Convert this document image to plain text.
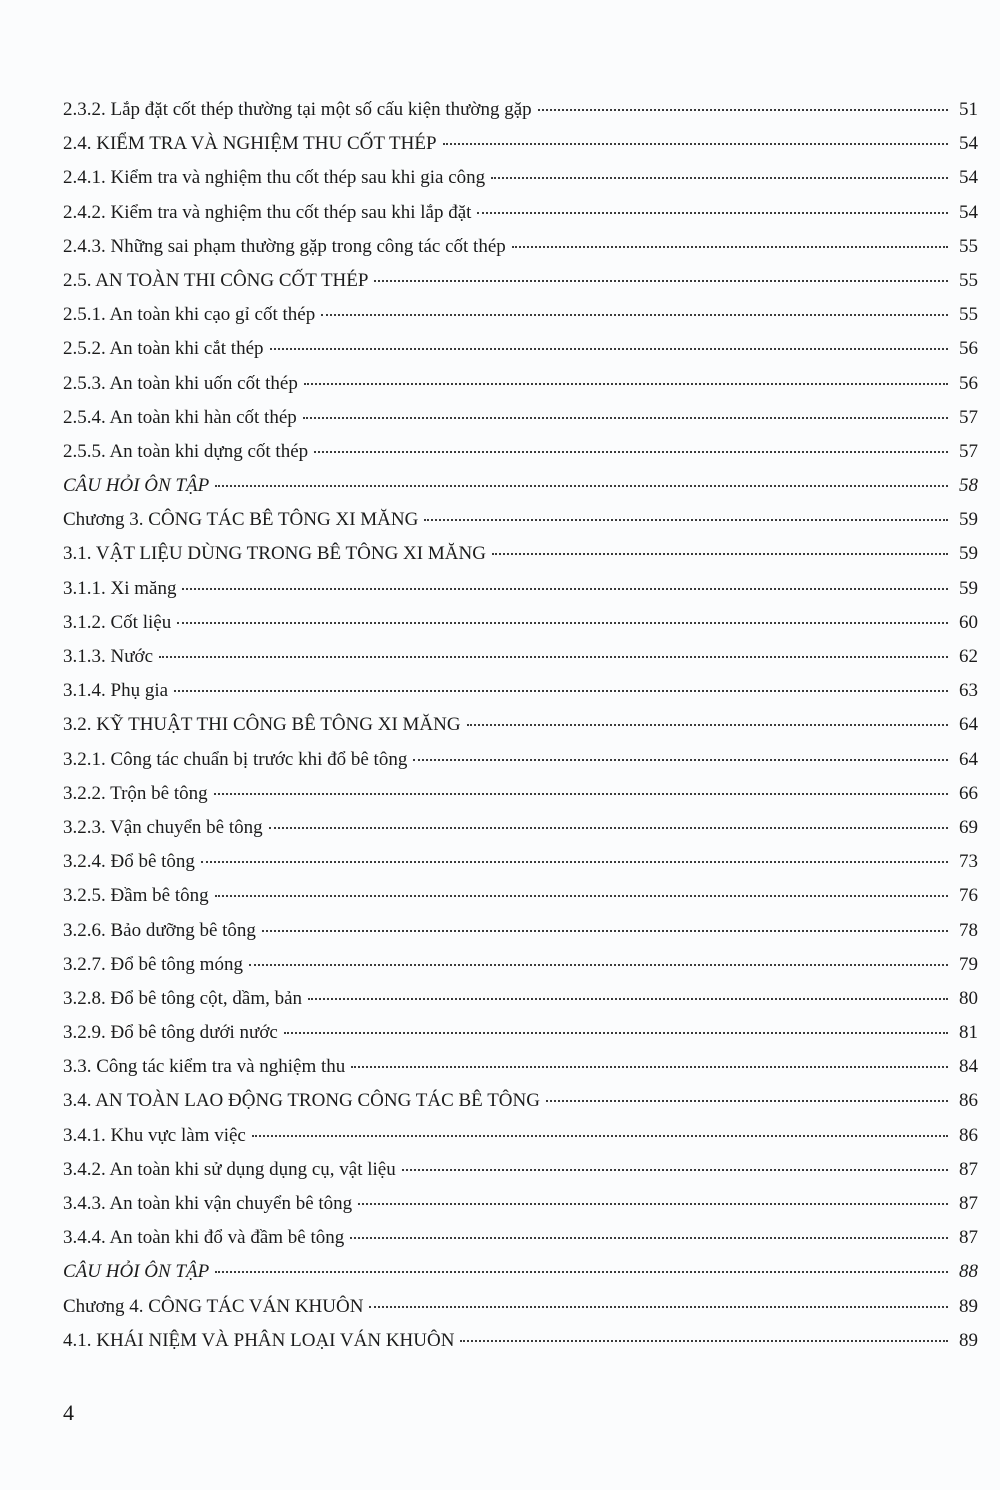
2.3.2. Lắp đặt cốt thép thường tại một số cấu kiện thường gặp	51
2.4. KIỂM TRA VÀ NGHIỆM THU CỐT THÉP	54
2.4.1. Kiểm tra và nghiệm thu cốt thép sau khi gia công	54
2.4.2. Kiểm tra và nghiệm thu cốt thép sau khi lắp đặt	54
2.4.3. Những sai phạm thường gặp trong công tác cốt thép	55
2.5. AN TOÀN THI CÔNG CỐT THÉP	55
2.5.1. An toàn khi cạo gỉ cốt thép	55
2.5.2. An toàn khi cắt thép	56
2.5.3. An toàn khi uốn cốt thép	56
2.5.4. An toàn khi hàn cốt thép	57
2.5.5. An toàn khi dựng cốt thép	57
CÂU HỎI ÔN TẬP	58
Chương 3. CÔNG TÁC BÊ TÔNG XI MĂNG	59
3.1. VẬT LIỆU DÙNG TRONG BÊ TÔNG XI MĂNG	59
3.1.1. Xi măng	59
3.1.2. Cốt liệu	60
3.1.3. Nước	62
3.1.4. Phụ gia	63
3.2. KỸ THUẬT THI CÔNG BÊ TÔNG XI MĂNG	64
3.2.1. Công tác chuẩn bị trước khi đổ bê tông	64
3.2.2. Trộn bê tông	66
3.2.3. Vận chuyển bê tông	69
3.2.4. Đổ bê tông	73
3.2.5. Đầm bê tông	76
3.2.6. Bảo dưỡng bê tông	78
3.2.7. Đổ bê tông móng	79
3.2.8. Đổ bê tông cột, dầm, bản	80
3.2.9. Đổ bê tông dưới nước	81
3.3. Công tác kiểm tra và nghiệm thu	84
3.4. AN TOÀN LAO ĐỘNG TRONG CÔNG TÁC BÊ TÔNG	86
3.4.1. Khu vực làm việc	86
3.4.2. An toàn khi sử dụng dụng cụ, vật liệu	87
3.4.3. An toàn khi vận chuyển bê tông	87
3.4.4. An toàn khi đổ và đầm bê tông	87
CÂU HỎI ÔN TẬP	88
Chương 4. CÔNG TÁC VÁN KHUÔN	89
4.1. KHÁI NIỆM VÀ PHÂN LOẠI VÁN KHUÔN	89
4
